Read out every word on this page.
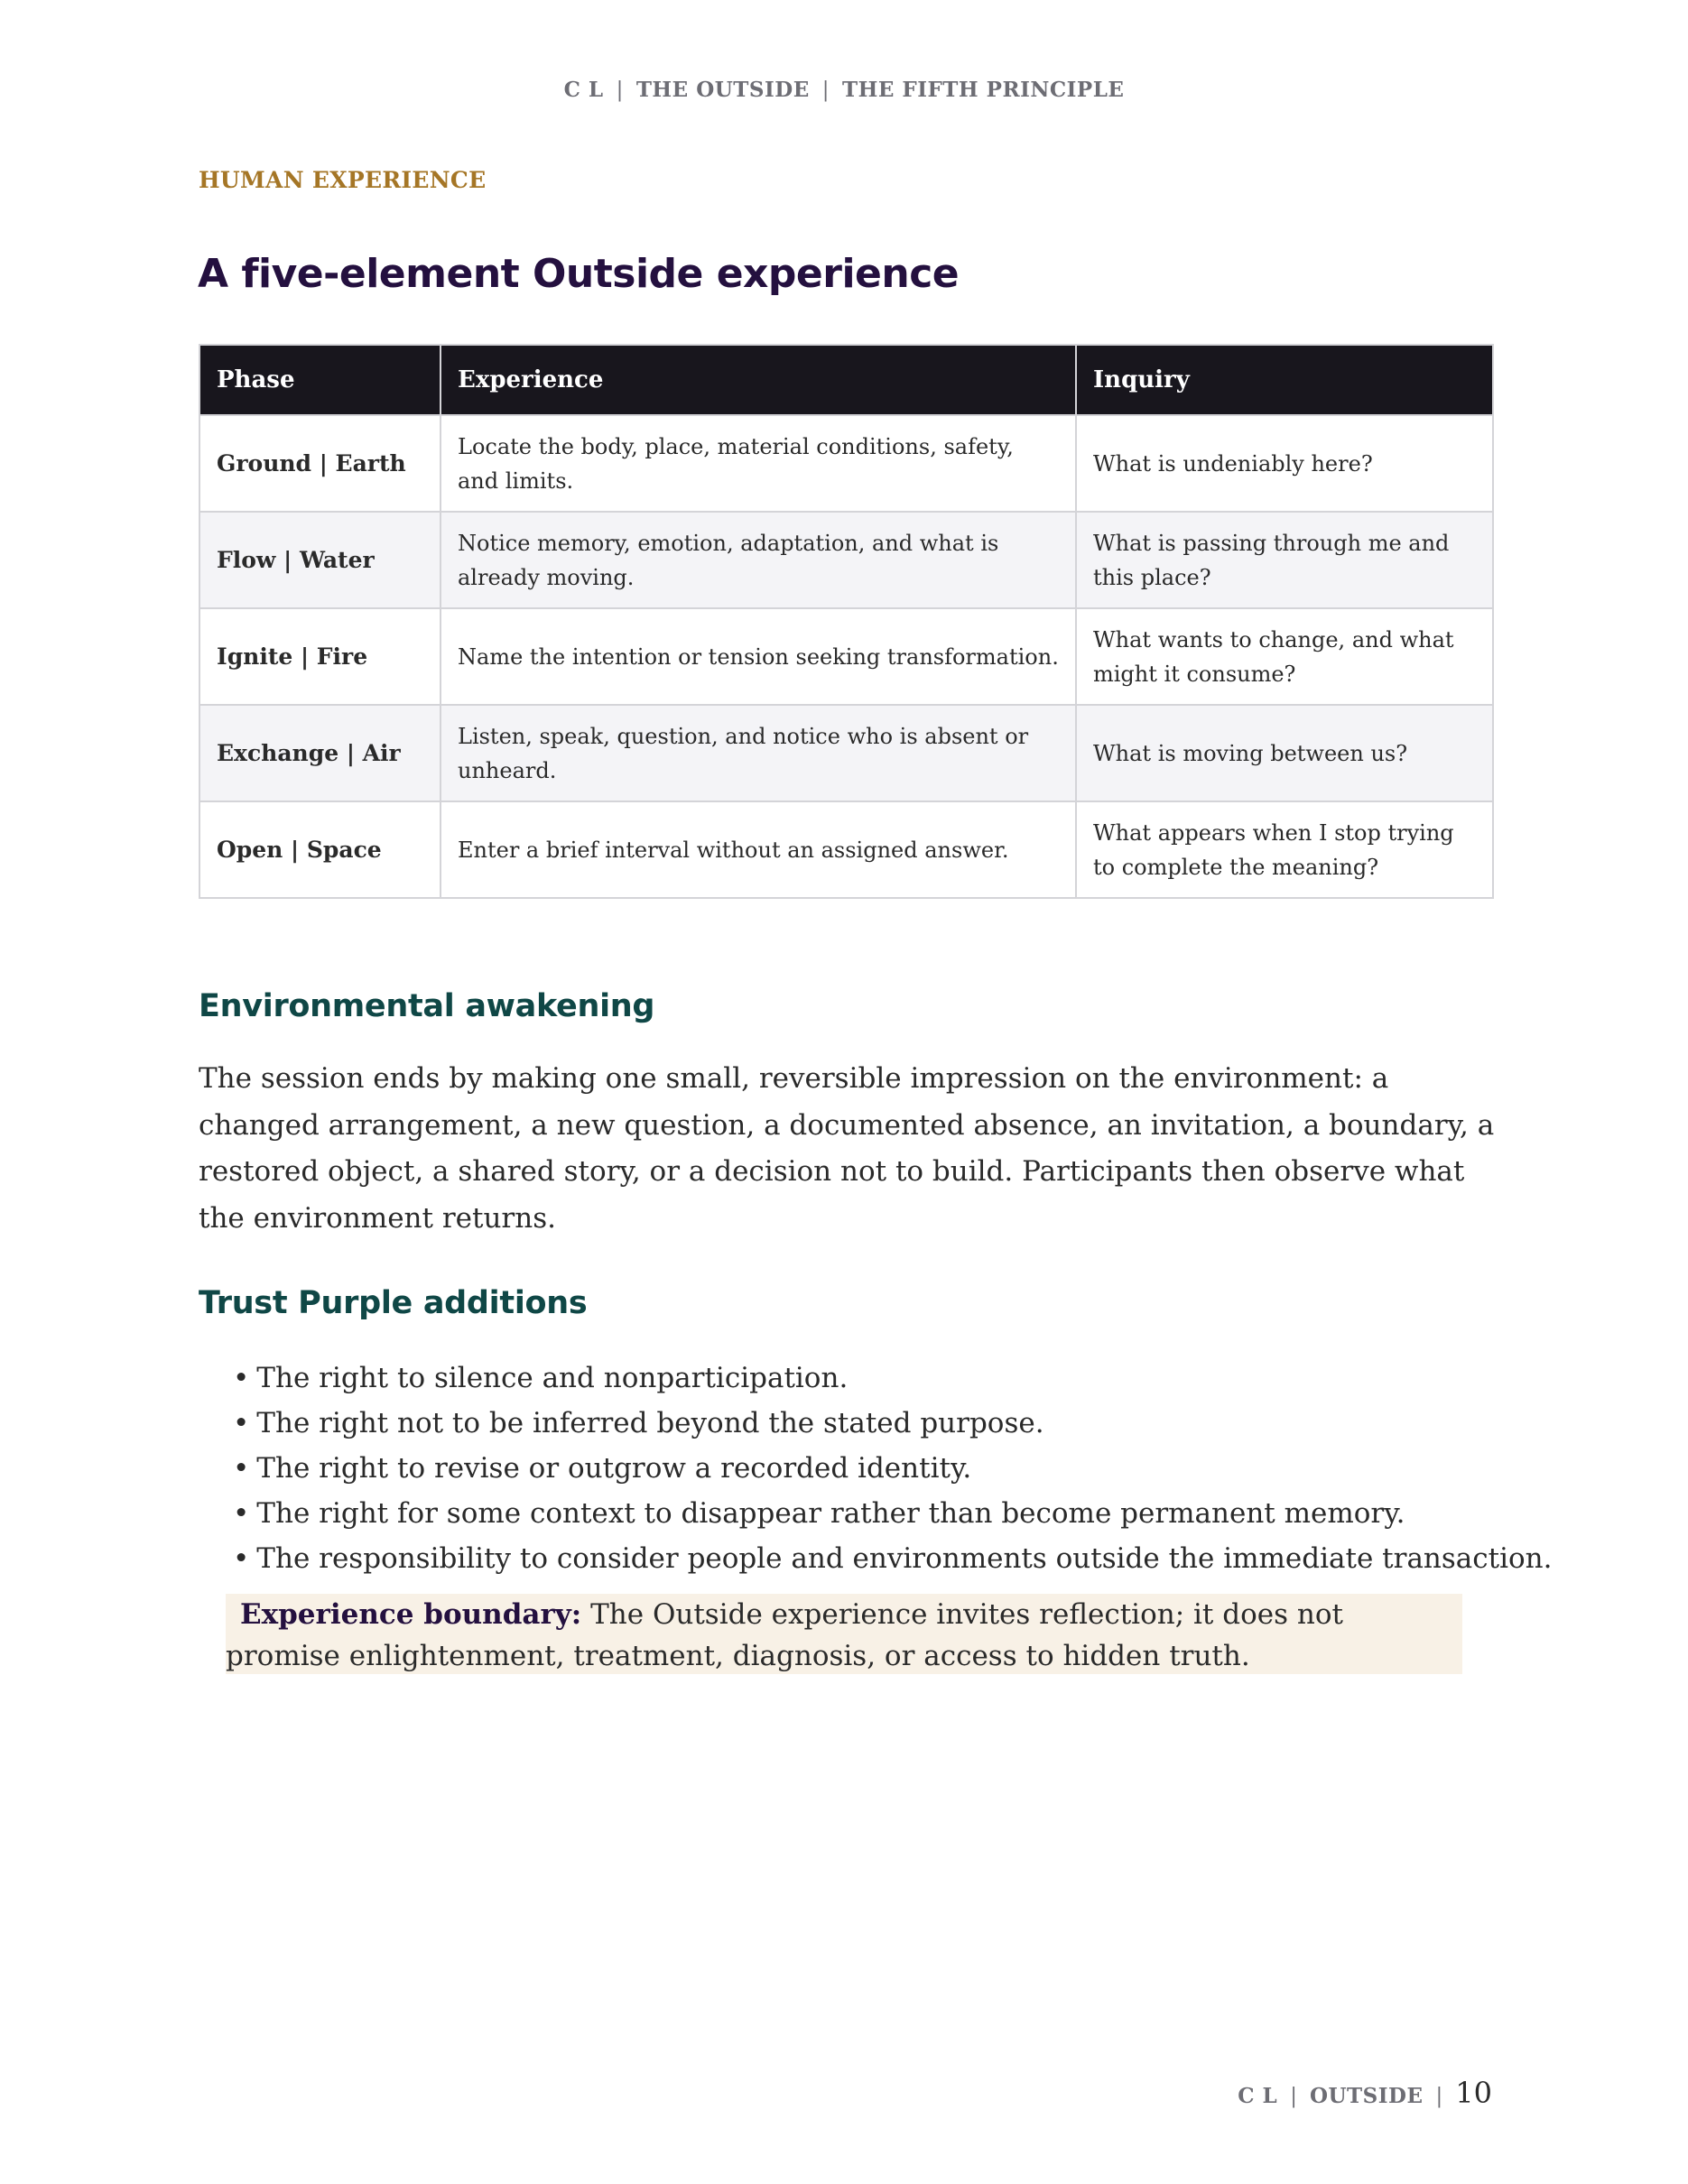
C L | THE OUTSIDE | THE FIFTH PRINCIPLE
HUMAN EXPERIENCE
A five-element Outside experience
Phase	Experience	Inquiry
Ground | Earth	Locate the body, place, material conditions, safety, and limits.	What is undeniably here?
Flow | Water	Notice memory, emotion, adaptation, and what is already moving.	What is passing through me and this place?
Ignite | Fire	Name the intention or tension seeking transformation.	What wants to change, and what might it consume?
Exchange | Air	Listen, speak, question, and notice who is absent or unheard.	What is moving between us?
Open | Space	Enter a brief interval without an assigned answer.	What appears when I stop trying to complete the meaning?
Environmental awakening

The session ends by making one small, reversible impression on the environment: a changed arrangement, a new question, a documented absence, an invitation, a boundary, a restored object, a shared story, or a decision not to build. Participants then observe what the environment returns.

Trust Purple additions
• The right to silence and nonparticipation.
• The right not to be inferred beyond the stated purpose.
• The right to revise or outgrow a recorded identity.
• The right for some context to disappear rather than become permanent memory.
• The responsibility to consider people and environments outside the immediate transaction.
Experience boundary: The Outside experience invites reflection; it does not promise enlightenment, treatment, diagnosis, or access to hidden truth.
C L | OUTSIDE | 10
